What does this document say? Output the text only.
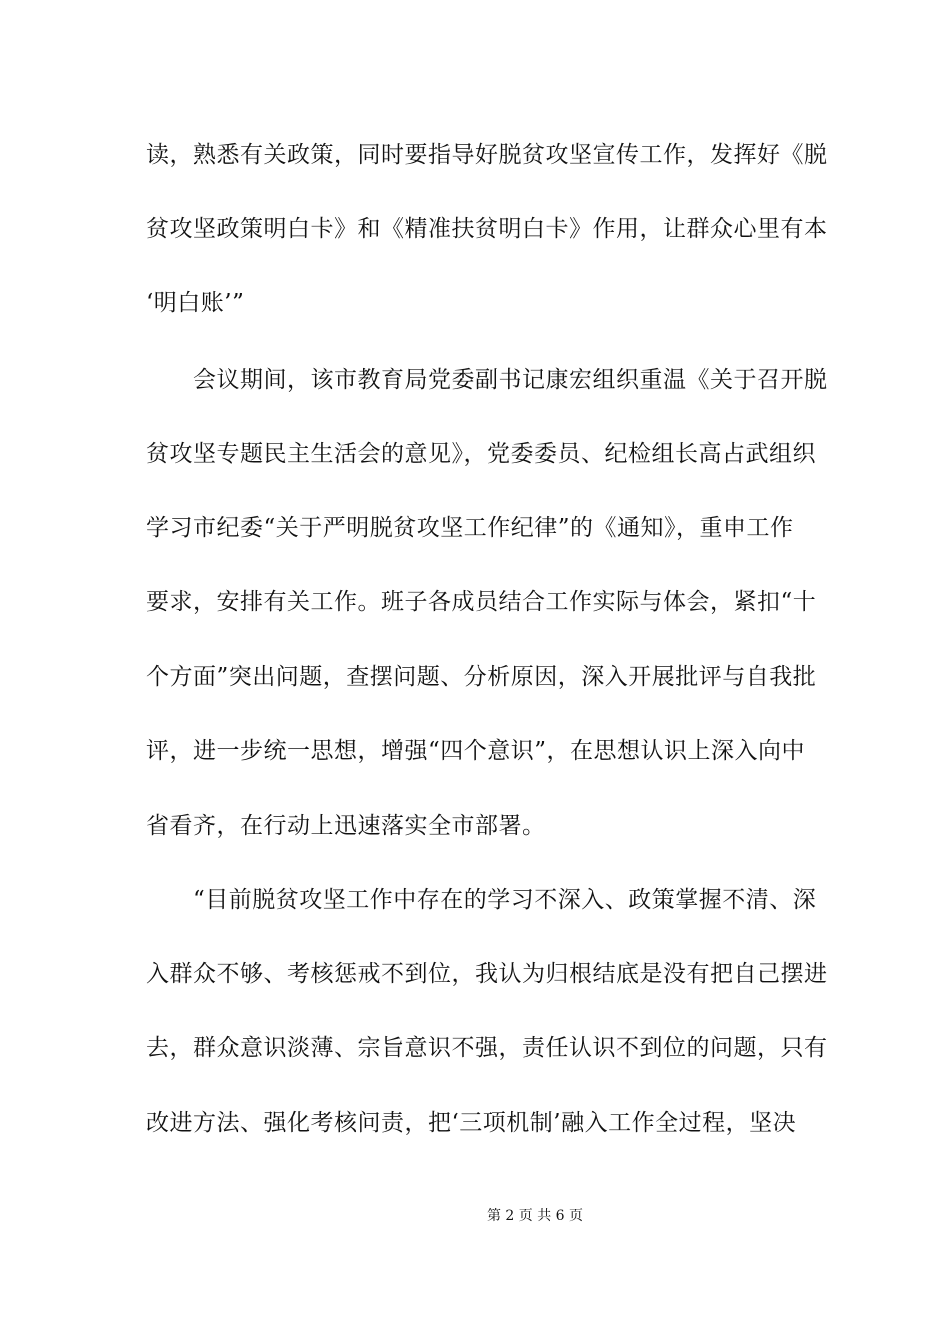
读，熟悉有关政策，同时要指导好脱贫攻坚宣传工作，发挥好《脱
贫攻坚政策明白卡》和《精准扶贫明白卡》作用，让群众心里有本
‘明白账’”
　　会议期间，该市教育局党委副书记康宏组织重温《关于召开脱
贫攻坚专题民主生活会的意见》，党委委员、纪检组长高占武组织
学习市纪委“关于严明脱贫攻坚工作纪律”的《通知》，重申工作
要求，安排有关工作。班子各成员结合工作实际与体会，紧扣“十
个方面”突出问题，查摆问题、分析原因，深入开展批评与自我批
评，进一步统一思想，增强“四个意识”，在思想认识上深入向中
省看齐，在行动上迅速落实全市部署。
　　“目前脱贫攻坚工作中存在的学习不深入、政策掌握不清、深
入群众不够、考核惩戒不到位，我认为归根结底是没有把自己摆进
去，群众意识淡薄、宗旨意识不强，责任认识不到位的问题，只有
改进方法、强化考核问责，把‘三项机制’融入工作全过程，坚决
第 2 页 共 6 页
